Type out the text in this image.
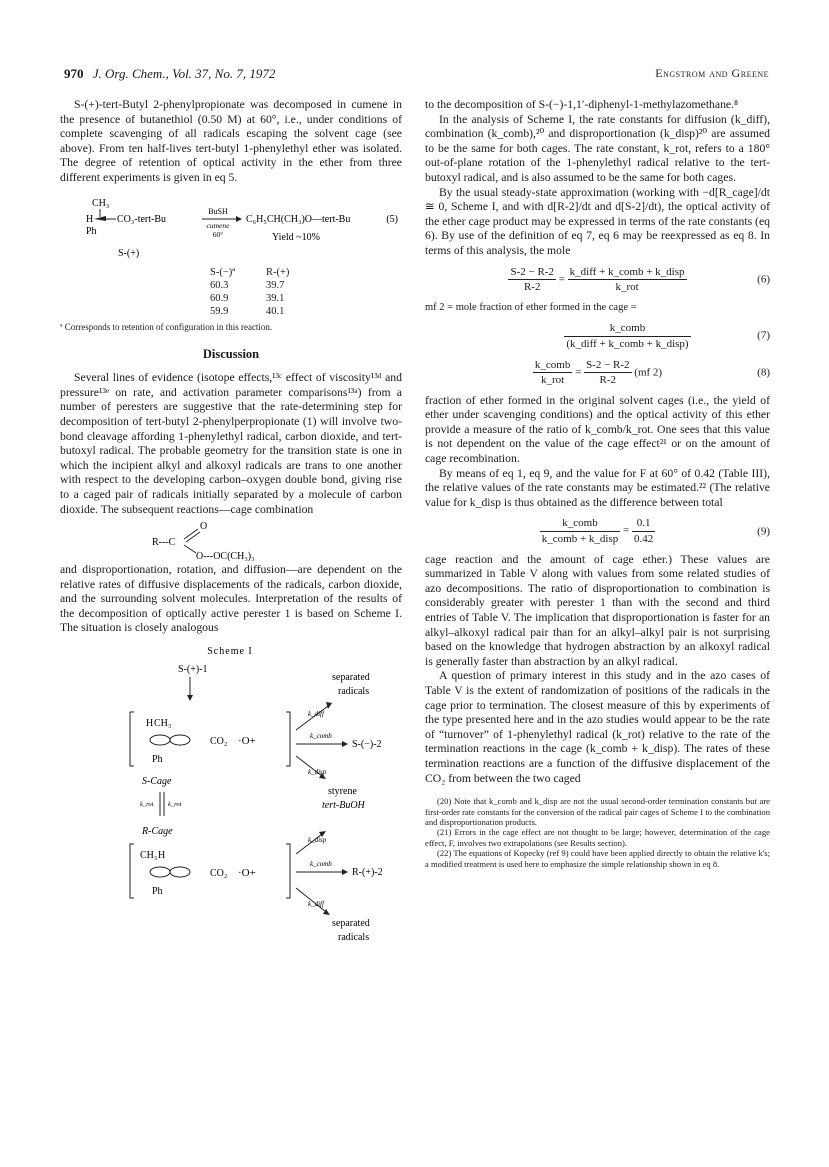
970 J. Org. Chem., Vol. 37, No. 7, 1972	Engstrom and Greene

S-(+)-tert-Butyl 2-phenylpropionate was decomposed in cumene in the presence of butanethiol (0.50 M) at 60°, i.e., under conditions of complete scavenging of all radicals escaping the solvent cage (see above). From ten half-lives tert-butyl 1-phenylethyl ether was isolated. The degree of retention of optical activity in the ether from three different experiments is given in eq 5.

CH₃
H CO₃-tert-Bu
Ph
S-(+)
BuSH
cumene
60°
C₆H₅CH(CH₃)O—tert-Bu	(5)
Yield ~10%
S-(−)ª	R-(+)
60.3	39.7
60.9	39.1
59.9	40.1
ª Corresponds to retention of configuration in this reaction.
Discussion

Several lines of evidence (isotope effects,¹³ᶜ effect of viscosity¹³ᵈ and pressure¹³ᵉ on rate, and activation parameter comparisons¹³ᵃ) from a number of peresters are suggestive that the rate-determining step for decomposition of tert-butyl 2-phenylperpropionate (1) will involve two-bond cleavage affording 1-phenylethyl radical, carbon dioxide, and tert-butoxyl radical. The probable geometry for the transition state is one in which the incipient alkyl and alkoxyl radicals are trans to one another with respect to the developing carbon–oxygen double bond, giving rise to a caged pair of radicals initially separated by a molecule of carbon dioxide. The subsequent reactions—cage combination

R---C
O
O---OC(CH₃)₃

and disproportionation, rotation, and diffusion—are dependent on the relative rates of diffusive displacements of the radicals, carbon dioxide, and the surrounding solvent molecules. Interpretation of the results of the decomposition of optically active perester 1 is based on Scheme I. The situation is closely analogous

Scheme I
S-(+)-1
H CH₃
Ph
CO₂ ·O+
k_diff
separated
radicals
k_comb
S-(−)-2
k_disp
S-Cage
k_rot k_rot
styrene
tert-BuOH
R-Cage
k_disp
CH₃ H
Ph
CO₂ ·O+
k_comb
R-(+)-2
k_diff
separated
radicals

to the decomposition of S-(−)-1,1′-diphenyl-1-methylazomethane.⁸

In the analysis of Scheme I, the rate constants for diffusion (k_diff), combination (k_comb),²⁰ and disproportionation (k_disp)²⁰ are assumed to be the same for both cages. The rate constant, k_rot, refers to a 180° out-of-plane rotation of the 1-phenylethyl radical relative to the tert-butoxyl radical, and is also assumed to be the same for both cages.

By the usual steady-state approximation (working with −d[R_cage]/dt ≅ 0, Scheme I, and with d[R-2]/dt and d[S-2]/dt), the optical activity of the ether cage product may be expressed in terms of the rate constants (eq 6). By use of the definition of eq 7, eq 6 may be reexpressed as eq 8. In terms of this analysis, the mole

$\frac{S-2 - R-2}{R-2} = \frac{\text{k\_diff + k\_comb + k\_disp}}{\text{k\_rot}}$	(6)
mf 2 = mole fraction of ether formed in the cage =
$\frac{\text{k\_comb}}{\text{(k\_diff + k\_comb + k\_disp)}}$	(7)
$\frac{\text{k\_comb}}{\text{k\_rot}} = \frac{S-2 - R-2}{R-2} (mf$ 2)	(8)

fraction of ether formed in the original solvent cages (i.e., the yield of ether under scavenging conditions) and the optical activity of this ether provide a measure of the ratio of k_comb/k_rot. One sees that this value is not dependent on the value of the cage effect²¹ or on the amount of cage recombination.

By means of eq 1, eq 9, and the value for F at 60° of 0.42 (Table III), the relative values of the rate constants may be estimated.²² (The relative value for k_disp is thus obtained as the difference between total

$\frac{\text{k\_comb}}{\text{k\_comb + k\_disp}} = \frac{0.1}{0.42}$	(9)

cage reaction and the amount of cage ether.) These values are summarized in Table V along with values from some related studies of azo decompositions. The ratio of disproportionation to combination is considerably greater with perester 1 than with the second and third entries of Table V. The implication that disproportionation is faster for an alkyl–alkoxyl radical pair than for an alkyl–alkyl pair is not surprising based on the knowledge that hydrogen abstraction by an alkoxyl radical is generally faster than abstraction by an alkyl radical.

A question of primary interest in this study and in the azo cases of Table V is the extent of randomization of positions of the radicals in the cage prior to termination. The closest measure of this by experiments of the type presented here and in the azo studies would appear to be the rate of “turnover” of 1-phenylethyl radical (k_rot) relative to the rate of the termination reactions in the cage (k_comb + k_disp). The rates of these termination reactions are a function of the diffusive displacement of the CO₂ from between the two caged

(20) Note that k_comb and k_disp are not the usual second-order termination constants but are first-order rate constants for the conversion of the radical pair cages of Scheme I to the combination and disproportionation products.

(21) Errors in the cage effect are not thought to be large; however, determination of the cage effect, F, involves two extrapolations (see Results section).

(22) The equations of Kopecky (ref 9) could have been applied directly to obtain the relative k's; a modified treatment is used here to emphasize the simple relationship shown in eq 8.
